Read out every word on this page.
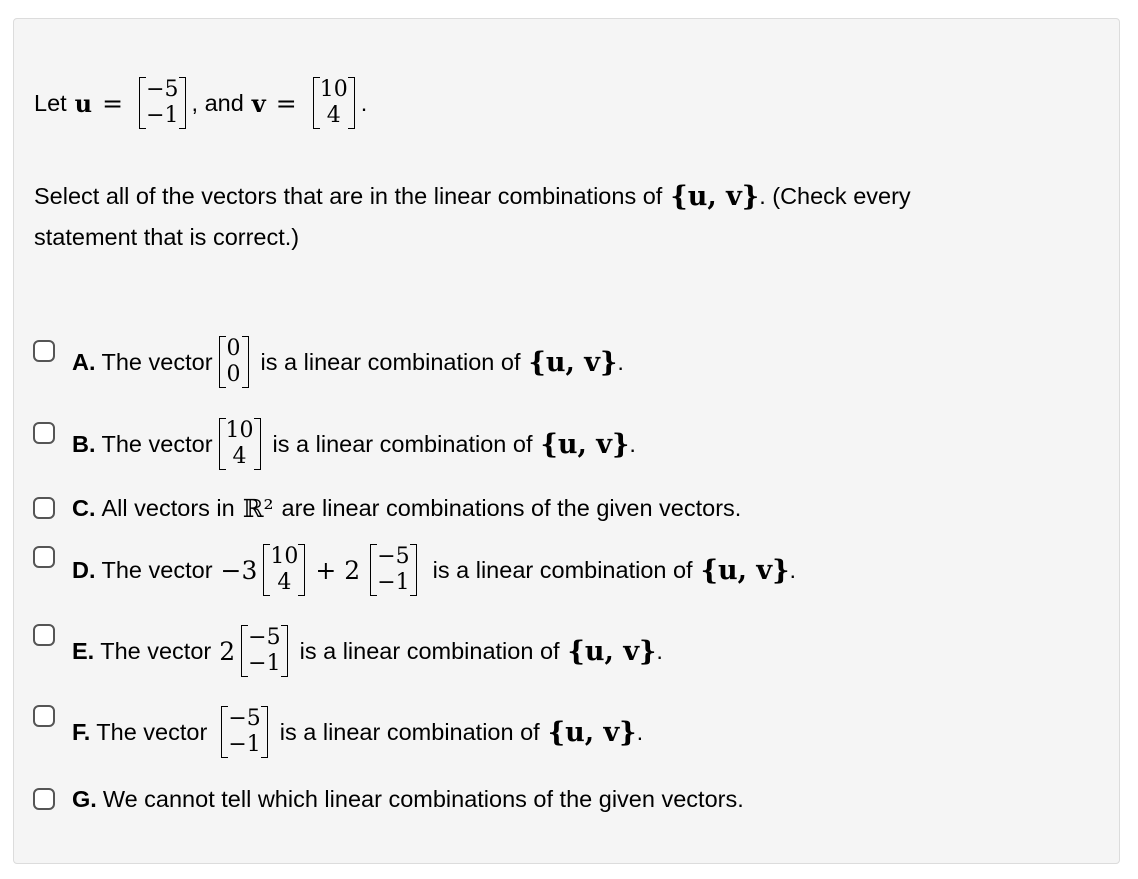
Let u = −5
−1 , and v = 10
4 .
Select all of the vectors that are in the linear combinations of {u, v} . (Check every
statement that is correct.)
A. The vector 0
0 is a linear combination of {u, v} .
B. The vector 10
4 is a linear combination of {u, v} .
C. All vectors in ℝ² are linear combinations of the given vectors.
D. The vector −3 10
4 + 2 −5
−1 is a linear combination of {u, v} .
E. The vector 2 −5
−1 is a linear combination of {u, v} .
F. The vector −5
−1 is a linear combination of {u, v} .
G. We cannot tell which linear combinations of the given vectors.
